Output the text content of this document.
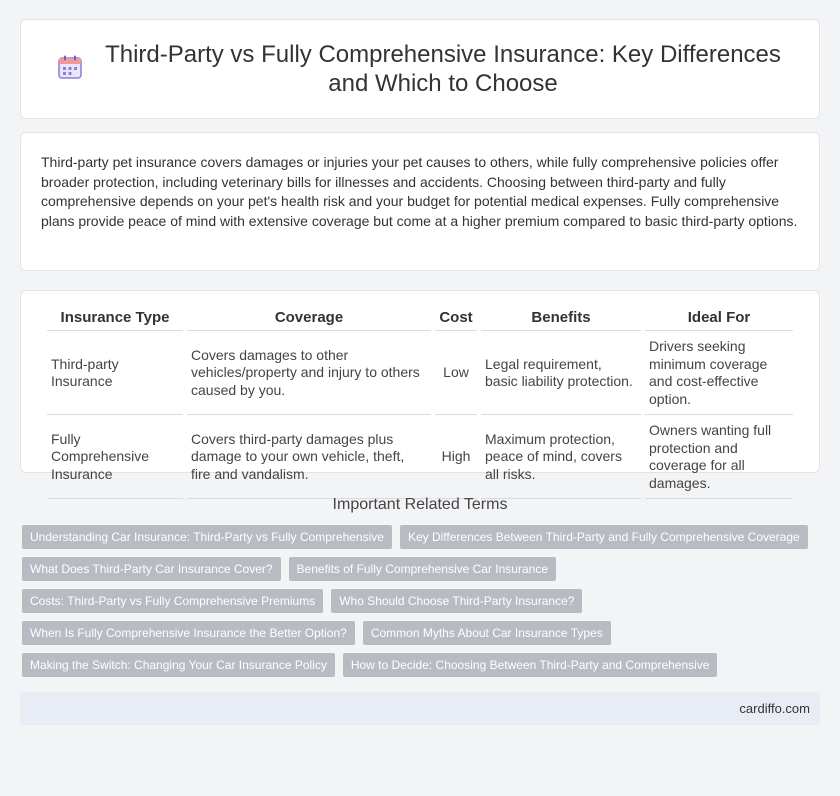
Third-Party vs Fully Comprehensive Insurance: Key Differences and Which to Choose

Third-party pet insurance covers damages or injuries your pet causes to others, while fully comprehensive policies offer broader protection, including veterinary bills for illnesses and accidents. Choosing between third-party and fully comprehensive depends on your pet's health risk and your budget for potential medical expenses. Fully comprehensive plans provide peace of mind with extensive coverage but come at a higher premium compared to basic third-party options.

Insurance Type	Coverage	Cost	Benefits	Ideal For
Third-party Insurance	Covers damages to other vehicles/property and injury to others caused by you.	Low	Legal requirement, basic liability protection.	Drivers seeking minimum coverage and cost-effective option.
Fully Comprehensive Insurance	Covers third-party damages plus damage to your own vehicle, theft, fire and vandalism.	High	Maximum protection, peace of mind, covers all risks.	Owners wanting full protection and coverage for all damages.
Important Related Terms
Understanding Car Insurance: Third-Party vs Fully Comprehensive	Key Differences Between Third-Party and Fully Comprehensive Coverage
What Does Third-Party Car Insurance Cover?	Benefits of Fully Comprehensive Car Insurance
Costs: Third-Party vs Fully Comprehensive Premiums	Who Should Choose Third-Party Insurance?
When Is Fully Comprehensive Insurance the Better Option?	Common Myths About Car Insurance Types
Making the Switch: Changing Your Car Insurance Policy	How to Decide: Choosing Between Third-Party and Comprehensive
cardiffo.com
